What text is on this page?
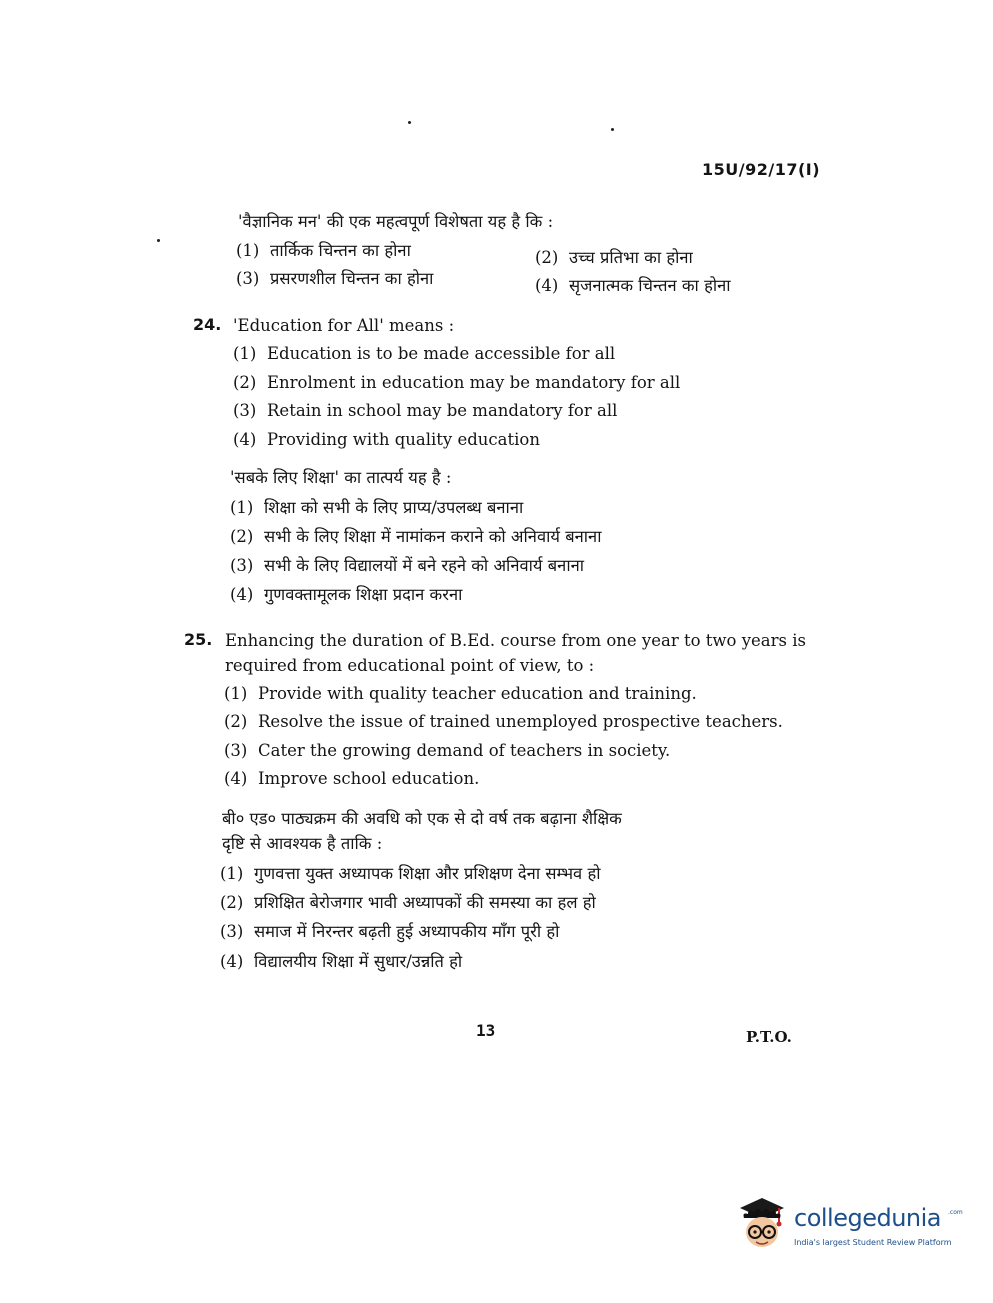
15U/92/17(I)
'वैज्ञानिक मन' की एक महत्वपूर्ण विशेषता यह है कि :
(1) तार्किक चिन्तन का होना	(2) उच्च प्रतिभा का होना
(3) प्रसरणशील चिन्तन का होना	(4) सृजनात्मक चिन्तन का होना
24. 'Education for All' means :
(1) Education is to be made accessible for all
(2) Enrolment in education may be mandatory for all
(3) Retain in school may be mandatory for all
(4) Providing with quality education
'सबके लिए शिक्षा' का तात्पर्य यह है :
(1) शिक्षा को सभी के लिए प्राप्य/उपलब्ध बनाना
(2) सभी के लिए शिक्षा में नामांकन कराने को अनिवार्य बनाना
(3) सभी के लिए विद्यालयों में बने रहने को अनिवार्य बनाना
(4) गुणवक्तामूलक शिक्षा प्रदान करना
25. Enhancing the duration of B.Ed. course from one year to two years is
required from educational point of view, to :
(1) Provide with quality teacher education and training.
(2) Resolve the issue of trained unemployed prospective teachers.
(3) Cater the growing demand of teachers in society.
(4) Improve school education.
बी० एड० पाठ्यक्रम की अवधि को एक से दो वर्ष तक बढ़ाना शैक्षिक
दृष्टि से आवश्यक है ताकि :
(1) गुणवत्ता युक्त अध्यापक शिक्षा और प्रशिक्षण देना सम्भव हो
(2) प्रशिक्षित बेरोजगार भावी अध्यापकों की समस्या का हल हो
(3) समाज में निरन्तर बढ़ती हुई अध्यापकीय माँग पूरी हो
(4) विद्यालयीय शिक्षा में सुधार/उन्नति हो
13	P.T.O.
collegedunia .com
India's largest Student Review Platform
